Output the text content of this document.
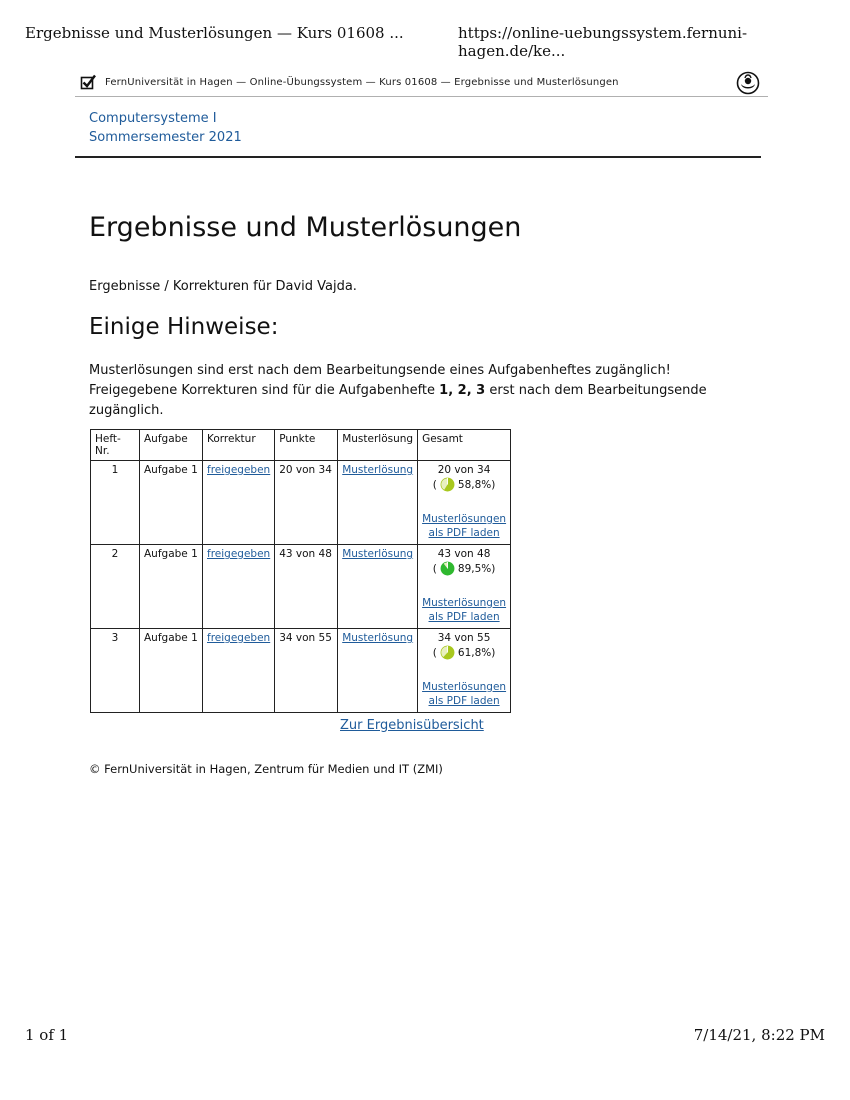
Ergebnisse und Musterlösungen — Kurs 01608 ...	https://online-uebungssystem.fernuni-hagen.de/ke...
FernUniversität in Hagen — Online-Übungssystem — Kurs 01608 — Ergebnisse und Musterlösungen
Computersysteme I
Sommersemester 2021
Ergebnisse und Musterlösungen
Ergebnisse / Korrekturen für David Vajda.
Einige Hinweise:
Musterlösungen sind erst nach dem Bearbeitungsende eines Aufgabenheftes zugänglich!
Freigegebene Korrekturen sind für die Aufgabenhefte 1, 2, 3 erst nach dem Bearbeitungsende zugänglich.
Heft-Nr.	Aufgabe	Korrektur	Punkte	Musterlösung	Gesamt
1	Aufgabe 1	freigegeben	20 von 34	Musterlösung	20 von 34
( 58,8%)
Musterlösungen
als PDF laden

2	Aufgabe 1	freigegeben	43 von 48	Musterlösung	43 von 48
( 89,5%)
Musterlösungen
als PDF laden

3	Aufgabe 1	freigegeben	34 von 55	Musterlösung	34 von 55
( 61,8%)
Musterlösungen
als PDF laden
Zur Ergebnisübersicht
© FernUniversität in Hagen, Zentrum für Medien und IT (ZMI)
1 of 1	7/14/21, 8:22 PM
